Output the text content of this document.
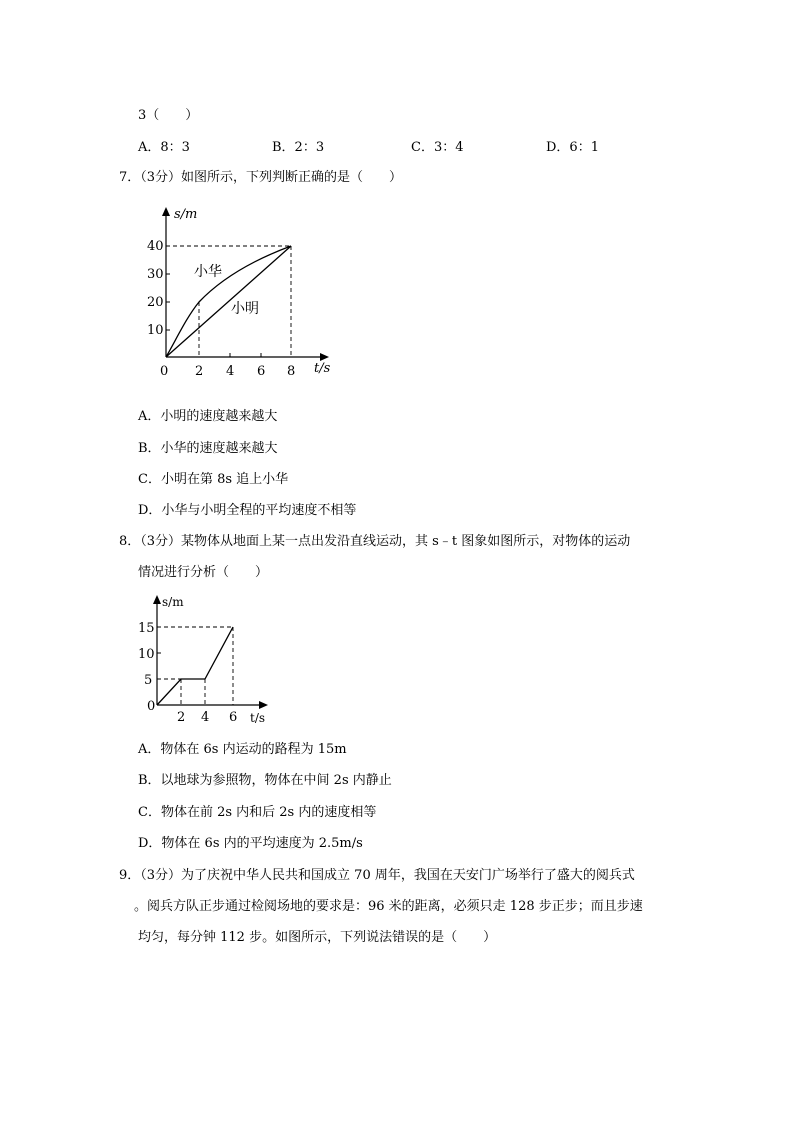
3（　　）
A．8：3	B．2：3	C．3：4	D．6：1
7．（3分）如图所示，下列判断正确的是（　　）
s/m
t/s
0 2 4 6 8
10
20
30
40
小华
小明
A．小明的速度越来越大
B．小华的速度越来越大
C．小明在第 8s 追上小华
D．小华与小明全程的平均速度不相等
8．（3分）某物体从地面上某一点出发沿直线运动，其 s﹣t 图象如图所示，对物体的运动
情况进行分析（　　）
s/m
t/s
0
2 4 6
5
10
15
A．物体在 6s 内运动的路程为 15m
B．以地球为参照物，物体在中间 2s 内静止
C．物体在前 2s 内和后 2s 内的速度相等
D．物体在 6s 内的平均速度为 2.5m/s
9．（3分）为了庆祝中华人民共和国成立 70 周年，我国在天安门广场举行了盛大的阅兵式
。阅兵方队正步通过检阅场地的要求是：96 米的距离，必须只走 128 步正步；而且步速
均匀，每分钟 112 步。如图所示，下列说法错误的是（　　）
